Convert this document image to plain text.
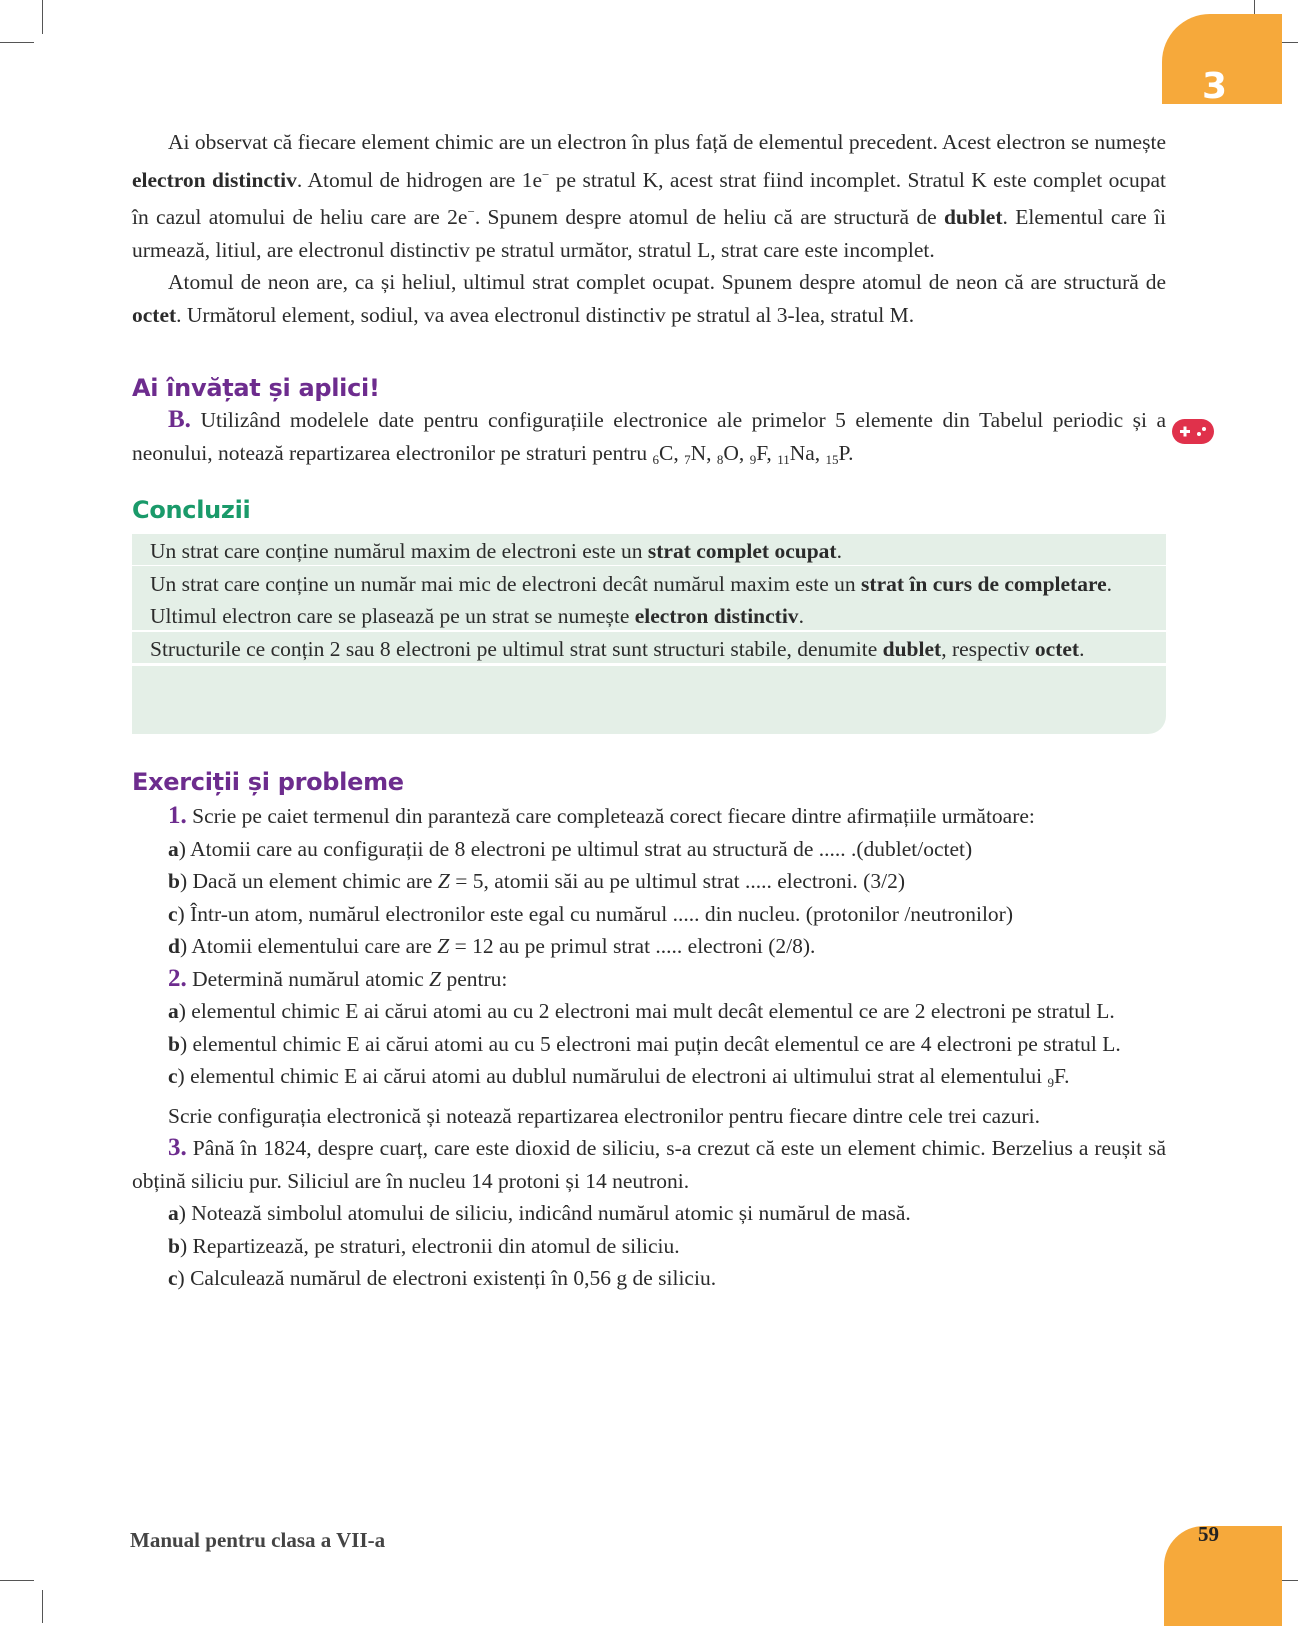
3

Ai observat că fiecare element chimic are un electron în plus față de elementul precedent. Acest electron se numește electron distinctiv. Atomul de hidrogen are 1e− pe stratul K, acest strat fiind incomplet. Stratul K este complet ocupat în cazul atomului de heliu care are 2e−. Spunem despre atomul de heliu că are structură de dublet. Elementul care îi urmează, litiul, are electronul distinctiv pe stratul următor, stratul L, strat care este incomplet.

Atomul de neon are, ca și heliul, ultimul strat complet ocupat. Spunem despre atomul de neon că are structură de octet. Următorul element, sodiul, va avea electronul distinctiv pe stratul al 3-lea, stratul M.

Ai învățat și aplici!

B. Utilizând modelele date pentru configurațiile electronice ale primelor 5 elemente din Tabelul periodic și a neonului, notează repartizarea electronilor pe straturi pentru $_6$C, $_7$N, $_8$O, $_9$F, $_{11}$Na, $_{15}$P.

Concluzii

Un strat care conține numărul maxim de electroni este un strat complet ocupat.

Un strat care conține un număr mai mic de electroni decât numărul maxim este un strat în curs de completare.

Ultimul electron care se plasează pe un strat se numește electron distinctiv.

Structurile ce conțin 2 sau 8 electroni pe ultimul strat sunt structuri stabile, denumite dublet, respectiv octet.

Exerciții și probleme

1. Scrie pe caiet termenul din paranteză care completează corect fiecare dintre afirmațiile următoare:

a) Atomii care au configurații de 8 electroni pe ultimul strat au structură de ..... .(dublet/octet)

b) Dacă un element chimic are Z = 5, atomii săi au pe ultimul strat ..... electroni. (3/2)

c) Într-un atom, numărul electronilor este egal cu numărul ..... din nucleu. (protonilor /neutronilor)

d) Atomii elementului care are Z = 12 au pe primul strat ..... electroni (2/8).

2. Determină numărul atomic Z pentru:

a) elementul chimic E ai cărui atomi au cu 2 electroni mai mult decât elementul ce are 2 electroni pe stratul L.

b) elementul chimic E ai cărui atomi au cu 5 electroni mai puțin decât elementul ce are 4 electroni pe stratul L.

c) elementul chimic E ai cărui atomi au dublul numărului de electroni ai ultimului strat al elementului $_9$F.

Scrie configurația electronică și notează repartizarea electronilor pentru fiecare dintre cele trei cazuri.

3. Până în 1824, despre cuarț, care este dioxid de siliciu, s-a crezut că este un element chimic. Berzelius a reușit să obțină siliciu pur. Siliciul are în nucleu 14 protoni și 14 neutroni.

a) Notează simbolul atomului de siliciu, indicând numărul atomic și numărul de masă.

b) Repartizează, pe straturi, electronii din atomul de siliciu.

c) Calculează numărul de electroni existenți în 0,56 g de siliciu.

Manual pentru clasa a VII-a	59
